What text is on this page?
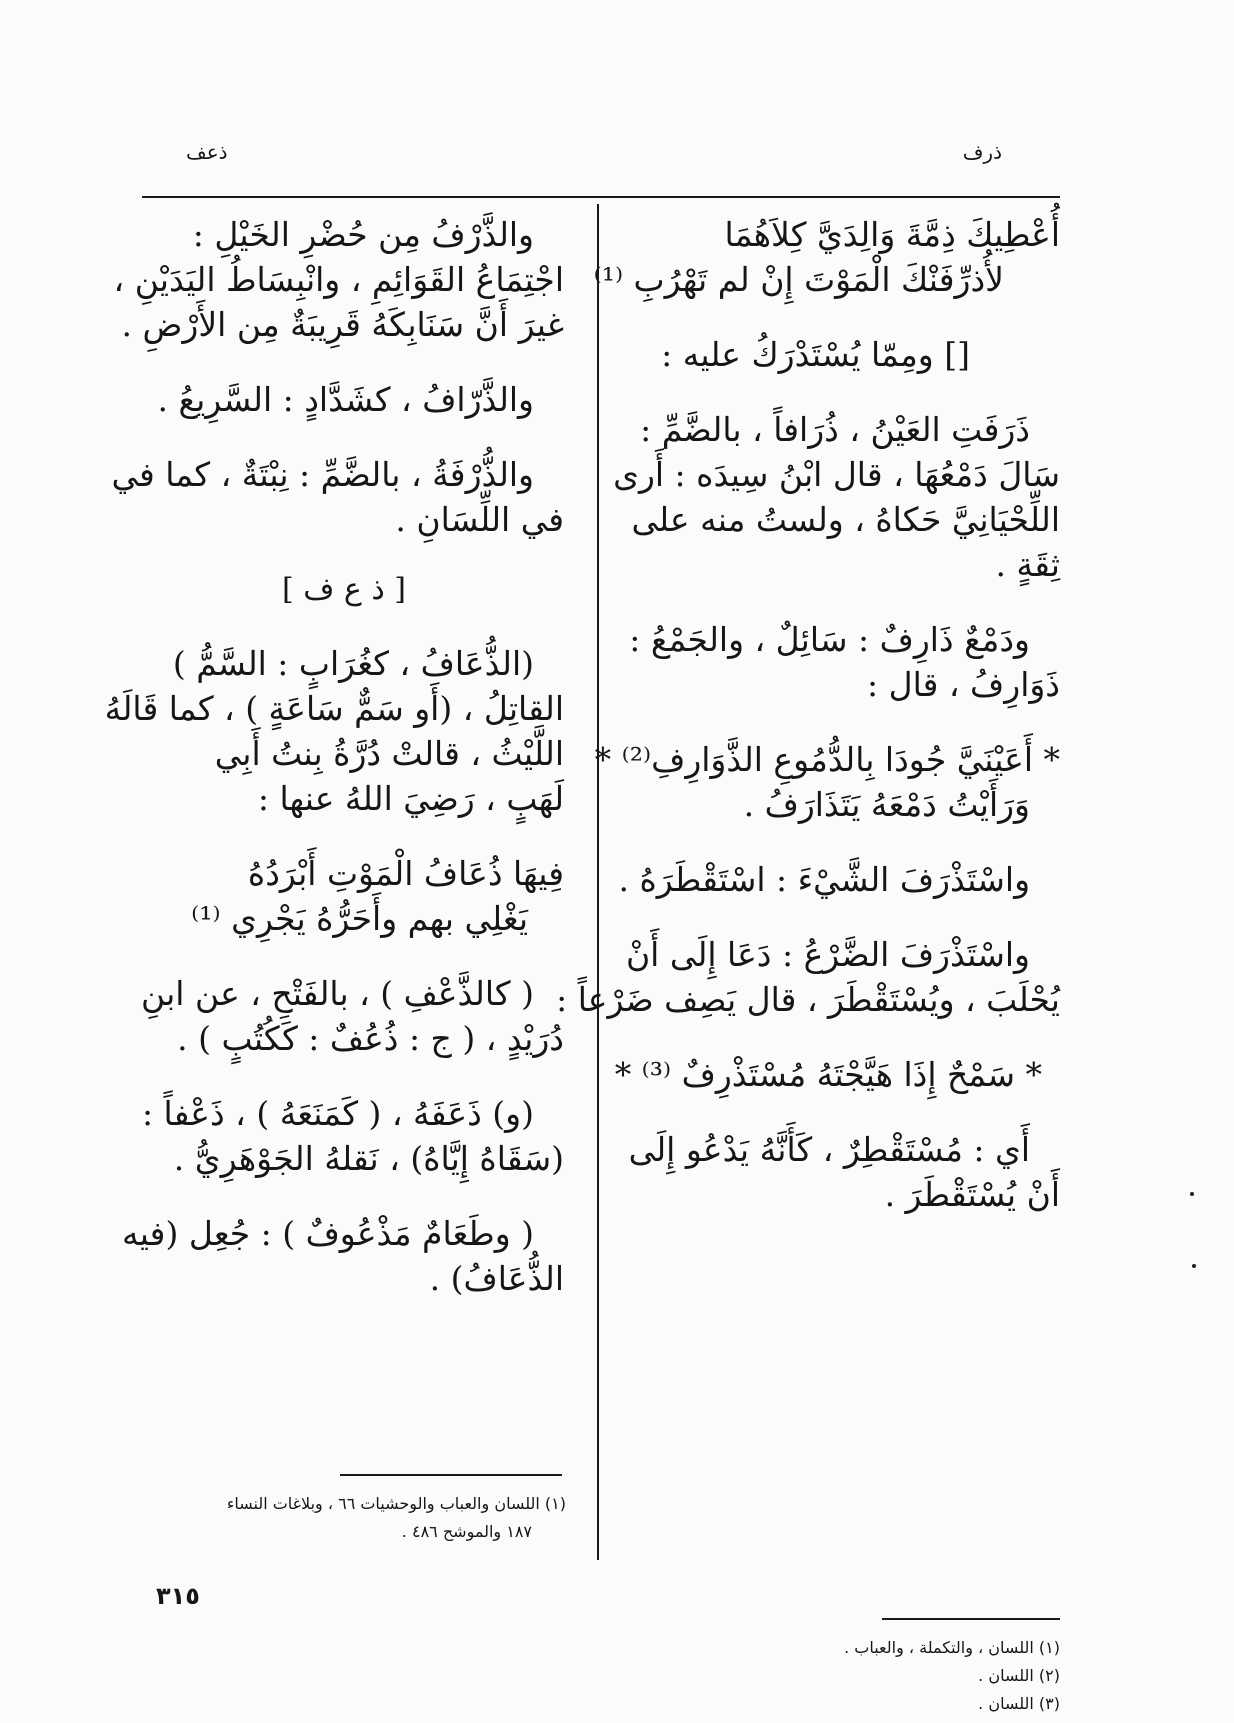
ذرف
ذعف
أُعْطِيكَ ذِمَّةَ وَالِدَيَّ كِلاَهُمَا
لأُذرِّفَنْكَ الْمَوْتَ إِنْ لم تَهْرُبِ ⁽¹⁾
[] ومِمّا يُسْتَدْرَكُ عليه :
ذَرَفَتِ العَيْنُ ، ذُرَافاً ، بالضَّمِّ :
سَالَ دَمْعُهَا ، قال ابْنُ سِيدَه : أَرى
اللِّحْيَانِيَّ حَكاهُ ، ولستُ منه على
ثِقَةٍ .
ودَمْعٌ ذَارِفٌ : سَائِلٌ ، والجَمْعُ :
ذَوَارِفُ ، قال :
* أَعَيْنَيَّ جُودَا بِالدُّمُوعِ الذَّوَارِفِ⁽²⁾ *
وَرَأَيْتُ دَمْعَهُ يَتَذَارَفُ .
واسْتَذْرَفَ الشَّيْءَ : اسْتَقْطَرَهُ .
واسْتَذْرَفَ الضَّرْعُ : دَعَا إِلَى أَنْ
يُحْلَبَ ، ويُسْتَقْطَرَ ، قال يَصِف ضَرْعاً :
* سَمْحٌ إِذَا هَيَّجْتَهُ مُسْتَذْرِفٌ ⁽³⁾ *
أَي : مُسْتَقْطِرٌ ، كَأَنَّهُ يَدْعُو إِلَى
أَنْ يُسْتَقْطَرَ .
(١) اللسان ، والتكملة ، والعباب .
(٢) اللسان .
(٣) اللسان .
والذَّرْفُ مِن حُضْرِ الخَيْلِ :
اجْتِمَاعُ القَوَائِمِ ، وانْبِسَاطُ اليَدَيْنِ ،
غيرَ أَنَّ سَنَابِكَهُ قَرِيبَةٌ مِن الأَرْضِ .
والذَّرّافُ ، كشَدَّادٍ : السَّرِيعُ .
والذُّرْفَةُ ، بالضَّمِّ : نِبْتَةٌ ، كما في
في اللِّسَانِ .
[ ذ ع ف ]
(الذُّعَافُ ، كغُرَابٍ : السَّمُّ )
القاتِلُ ، (أَو سَمٌّ سَاعَةٍ ) ، كما قَالَهُ
اللَّيْثُ ، قالتْ دُرَّةُ بِنتُ أَبِي
لَهَبٍ ، رَضِيَ اللهُ عنها :
فِيهَا ذُعَافُ الْمَوْتِ أَبْرَدُهُ
يَغْلِي بهم وأَحَرُّهُ يَجْرِي ⁽¹⁾
( كالذَّعْفِ ) ، بالفَتْحِ ، عن ابنِ
دُرَيْدٍ ، ( ج : ذُعُفٌ : كَكُتُبٍ ) .
(و) ذَعَفَهُ ، ( كَمَنَعَهُ ) ، ذَعْفاً :
(سَقَاهُ إِيَّاهُ) ، نَقلهُ الجَوْهَرِيُّ .
( وطَعَامٌ مَذْعُوفٌ ) : جُعِل (فيه
الذُّعَافُ) .
(١) اللسان والعباب والوحشيات ٦٦ ، وبلاغات النساء
١٨٧ والموشح ٤٨٦ .
٣١٥
